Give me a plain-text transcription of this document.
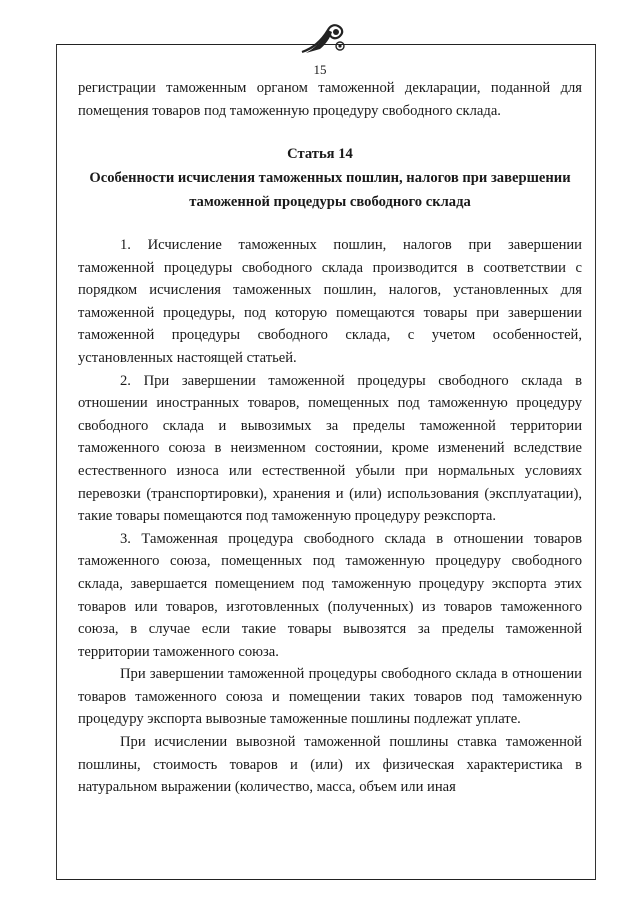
15

регистрации таможенным органом таможенной декларации, поданной для помещения товаров под таможенную процедуру свободного склада.

Статья 14
Особенности исчисления таможенных пошлин, налогов при завершении
таможенной процедуры свободного склада

1. Исчисление таможенных пошлин, налогов при завершении таможенной процедуры свободного склада производится в соответствии с порядком исчисления таможенных пошлин, налогов, установленных для таможенной процедуры, под которую помещаются товары при завершении таможенной процедуры свободного склада, с учетом особенностей, установленных настоящей статьей.

2. При завершении таможенной процедуры свободного склада в отношении иностранных товаров, помещенных под таможенную процедуру свободного склада и вывозимых за пределы таможенной территории таможенного союза в неизменном состоянии, кроме изменений вследствие естественного износа или естественной убыли при нормальных условиях перевозки (транспортировки), хранения и (или) использования (эксплуатации), такие товары помещаются под таможенную процедуру реэкспорта.

3. Таможенная процедура свободного склада в отношении товаров таможенного союза, помещенных под таможенную процедуру свободного склада, завершается помещением под таможенную процедуру экспорта этих товаров или товаров, изготовленных (полученных) из товаров таможенного союза, в случае если такие товары вывозятся за пределы таможенной территории таможенного союза.

При завершении таможенной процедуры свободного склада в отношении товаров таможенного союза и помещении таких товаров под таможенную процедуру экспорта вывозные таможенные пошлины подлежат уплате.

При исчислении вывозной таможенной пошлины ставка таможенной пошлины, стоимость товаров и (или) их физическая характеристика в натуральном выражении (количество, масса, объем или иная
